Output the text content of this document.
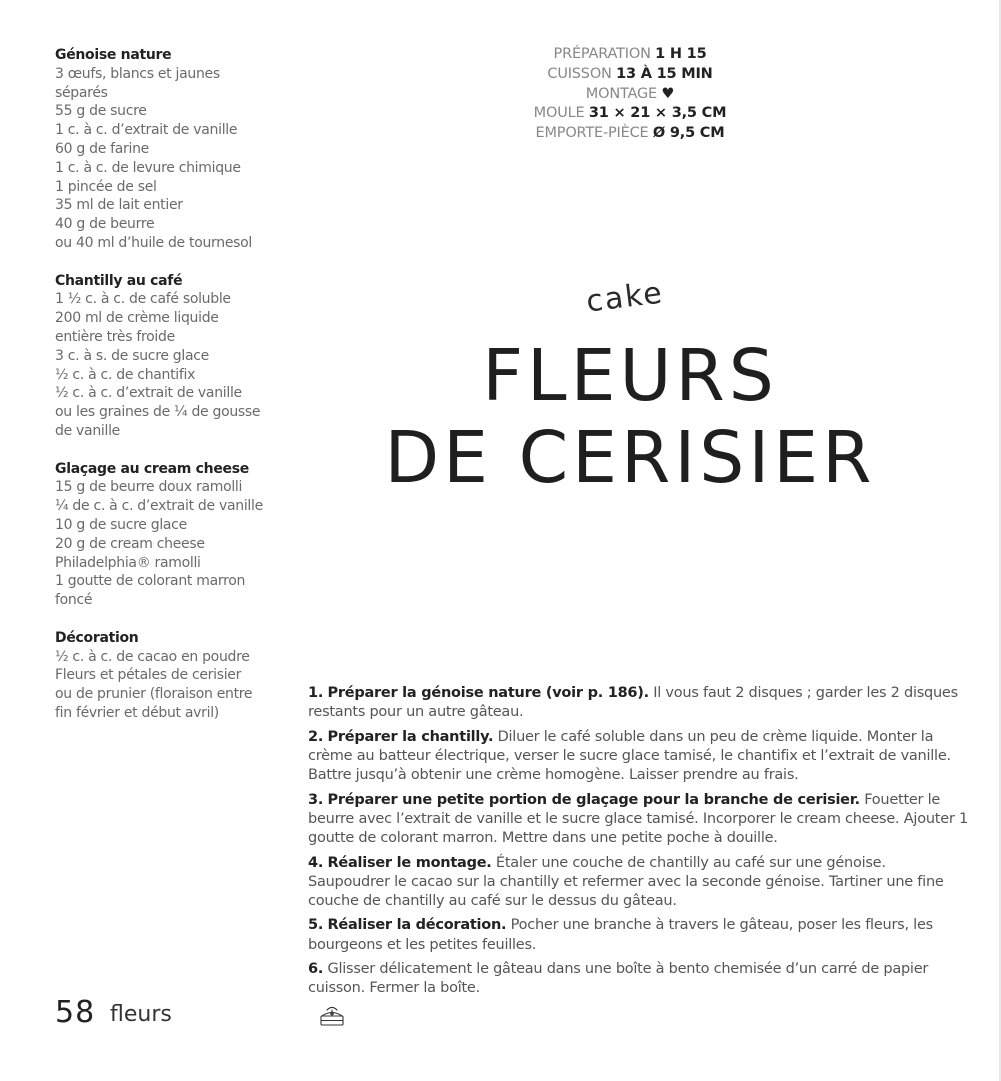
Génoise nature
3 œufs, blancs et jaunes
séparés
55 g de sucre
1 c. à c. d’extrait de vanille
60 g de farine
1 c. à c. de levure chimique
1 pincée de sel
35 ml de lait entier
40 g de beurre
ou 40 ml d’huile de tournesol
Chantilly au café
1 ½ c. à c. de café soluble
200 ml de crème liquide
entière très froide
3 c. à s. de sucre glace
½ c. à c. de chantifix
½ c. à c. d’extrait de vanille
ou les graines de ¼ de gousse
de vanille
Glaçage au cream cheese
15 g de beurre doux ramolli
¼ de c. à c. d’extrait de vanille
10 g de sucre glace
20 g de cream cheese
Philadelphia® ramolli
1 goutte de colorant marron
foncé
Décoration
½ c. à c. de cacao en poudre
Fleurs et pétales de cerisier
ou de prunier (floraison entre
fin février et début avril)
PRÉPARATION 1 H 15
CUISSON 13 À 15 MIN
MONTAGE ♥
MOULE 31 × 21 × 3,5 CM
EMPORTE-PIÈCE Ø 9,5 CM
cake
FLEURS
DE CERISIER
1. Préparer la génoise nature (voir p. 186). Il vous faut 2 disques ; garder les 2 disques restants pour un autre gâteau.
2. Préparer la chantilly. Diluer le café soluble dans un peu de crème liquide. Monter la crème au batteur électrique, verser le sucre glace tamisé, le chantifix et l’extrait de vanille. Battre jusqu’à obtenir une crème homogène. Laisser prendre au frais.
3. Préparer une petite portion de glaçage pour la branche de cerisier. Fouetter le beurre avec l’extrait de vanille et le sucre glace tamisé. Incorporer le cream cheese. Ajouter 1 goutte de colorant marron. Mettre dans une petite poche à douille.
4. Réaliser le montage. Étaler une couche de chantilly au café sur une génoise. Saupoudrer le cacao sur la chantilly et refermer avec la seconde génoise. Tartiner une fine couche de chantilly au café sur le dessus du gâteau.
5. Réaliser la décoration. Pocher une branche à travers le gâteau, poser les fleurs, les bourgeons et les petites feuilles.
6. Glisser délicatement le gâteau dans une boîte à bento chemisée d’un carré de papier cuisson. Fermer la boîte.
58 fleurs
